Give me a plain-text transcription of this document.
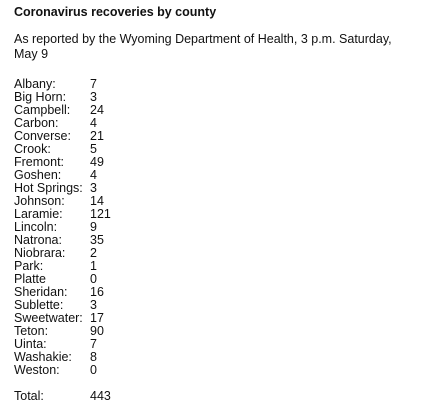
Coronavirus recoveries by county
As reported by the Wyoming Department of Health, 3 p.m. Saturday, May 9
Albany:	7
Big Horn:	3
Campbell:	24
Carbon:	4
Converse:	21
Crook:	5
Fremont:	49
Goshen:	4
Hot Springs: 3
Johnson:	14
Laramie:	121
Lincoln:	9
Natrona:	35
Niobrara:	2
Park:	1
Platte	0
Sheridan:	16
Sublette:	3
Sweetwater: 17
Teton:	90
Uinta:	7
Washakie:	8
Weston:	0
Total:	443
